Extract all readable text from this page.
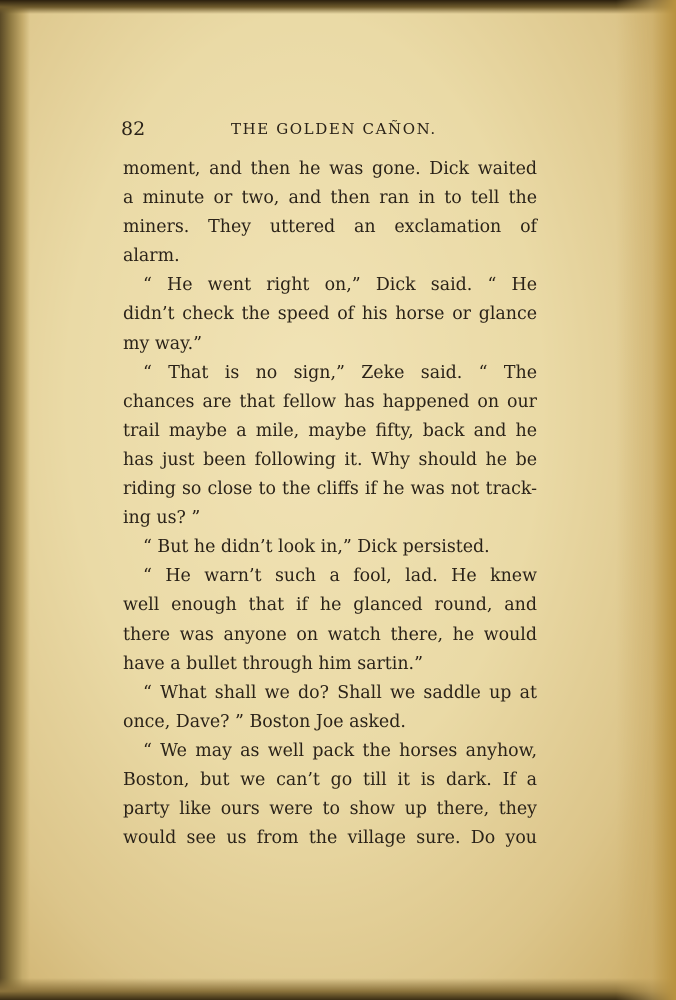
82	THE GOLDEN CAÑON.
moment, and then he was gone. Dick waited
a minute or two, and then ran in to tell the
miners. They uttered an exclamation of
alarm.
“ He went right on,” Dick said. “ He
didn’t check the speed of his horse or glance
my way.”
“ That is no sign,” Zeke said. “ The
chances are that fellow has happened on our
trail maybe a mile, maybe fifty, back and he
has just been following it. Why should he be
riding so close to the cliffs if he was not track-
ing us? ”
“ But he didn’t look in,” Dick persisted.
“ He warn’t such a fool, lad. He knew
well enough that if he glanced round, and
there was anyone on watch there, he would
have a bullet through him sartin.”
“ What shall we do? Shall we saddle up at
once, Dave? ” Boston Joe asked.
“ We may as well pack the horses anyhow,
Boston, but we can’t go till it is dark. If a
party like ours were to show up there, they
would see us from the village sure. Do you
